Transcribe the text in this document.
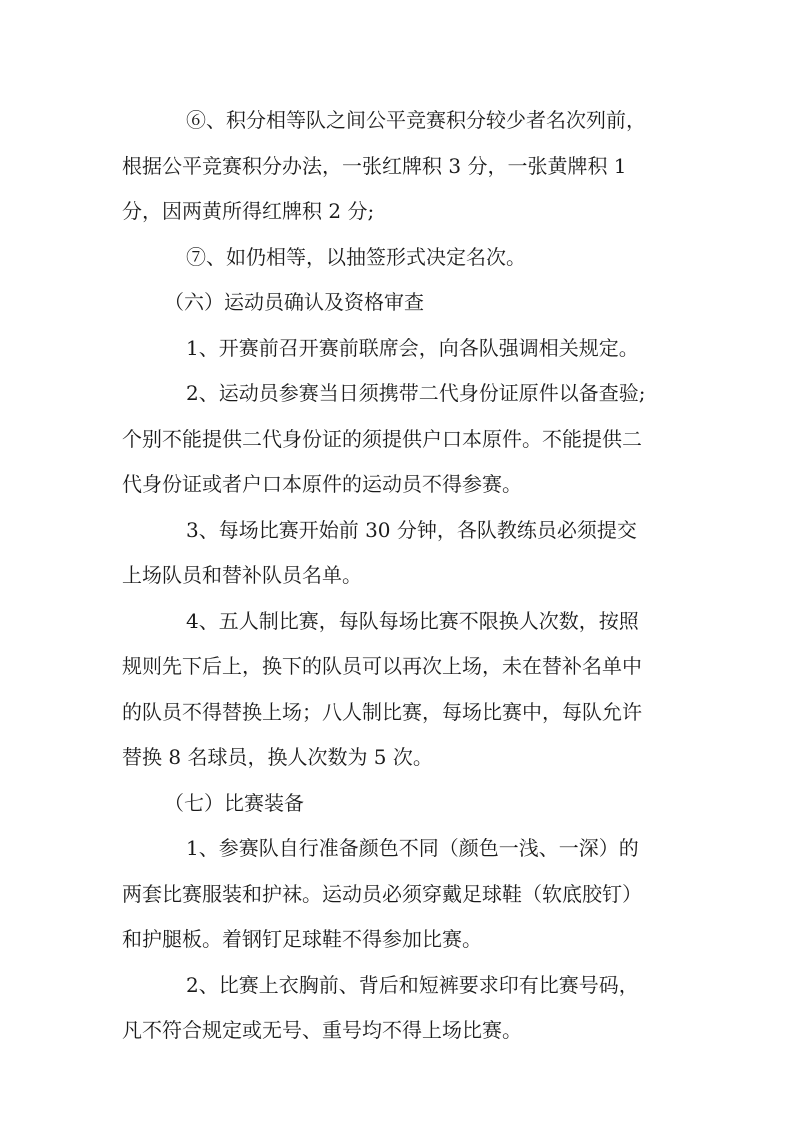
⑥、积分相等队之间公平竞赛积分较少者名次列前，
根据公平竞赛积分办法，一张红牌积 3 分，一张黄牌积 1
分，因两黄所得红牌积 2 分;

⑦、如仍相等，以抽签形式决定名次。

（六）运动员确认及资格审查

1、开赛前召开赛前联席会，向各队强调相关规定。

2、运动员参赛当日须携带二代身份证原件以备查验;
个别不能提供二代身份证的须提供户口本原件。不能提供二
代身份证或者户口本原件的运动员不得参赛。

3、每场比赛开始前 30 分钟，各队教练员必须提交
上场队员和替补队员名单。

4、五人制比赛，每队每场比赛不限换人次数，按照
规则先下后上，换下的队员可以再次上场，未在替补名单中
的队员不得替换上场；八人制比赛，每场比赛中，每队允许
替换 8 名球员，换人次数为 5 次。

（七）比赛装备

1、参赛队自行准备颜色不同（颜色一浅、一深）的
两套比赛服装和护袜。运动员必须穿戴足球鞋（软底胶钉）
和护腿板。着钢钉足球鞋不得参加比赛。

2、比赛上衣胸前、背后和短裤要求印有比赛号码，
凡不符合规定或无号、重号均不得上场比赛。
